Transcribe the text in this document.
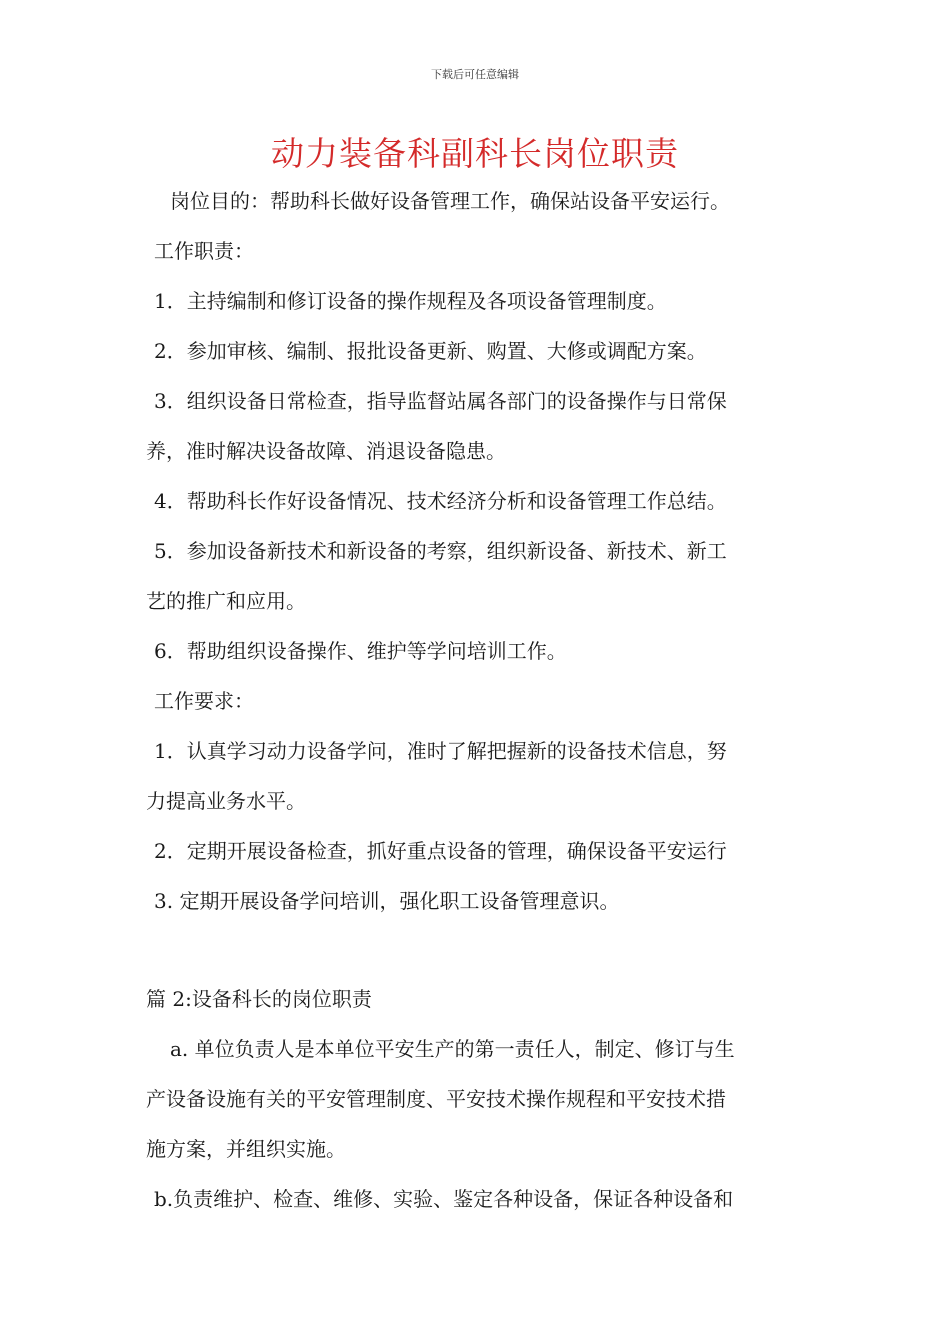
下载后可任意编辑
动力装备科副科长岗位职责
岗位目的：帮助科长做好设备管理工作，确保站设备平安运行。
工作职责：
1．主持编制和修订设备的操作规程及各项设备管理制度。
2．参加审核、编制、报批设备更新、购置、大修或调配方案。
3．组织设备日常检查，指导监督站属各部门的设备操作与日常保
养，准时解决设备故障、消退设备隐患。
4．帮助科长作好设备情况、技术经济分析和设备管理工作总结。
5．参加设备新技术和新设备的考察，组织新设备、新技术、新工
艺的推广和应用。
6．帮助组织设备操作、维护等学问培训工作。
工作要求：
1．认真学习动力设备学问，准时了解把握新的设备技术信息，努
力提高业务水平。
2．定期开展设备检查，抓好重点设备的管理，确保设备平安运行
3. 定期开展设备学问培训，强化职工设备管理意识。
篇 2:设备科长的岗位职责
a. 单位负责人是本单位平安生产的第一责任人，制定、修订与生
产设备设施有关的平安管理制度、平安技术操作规程和平安技术措
施方案，并组织实施。
b.负责维护、检查、维修、实验、鉴定各种设备，保证各种设备和
